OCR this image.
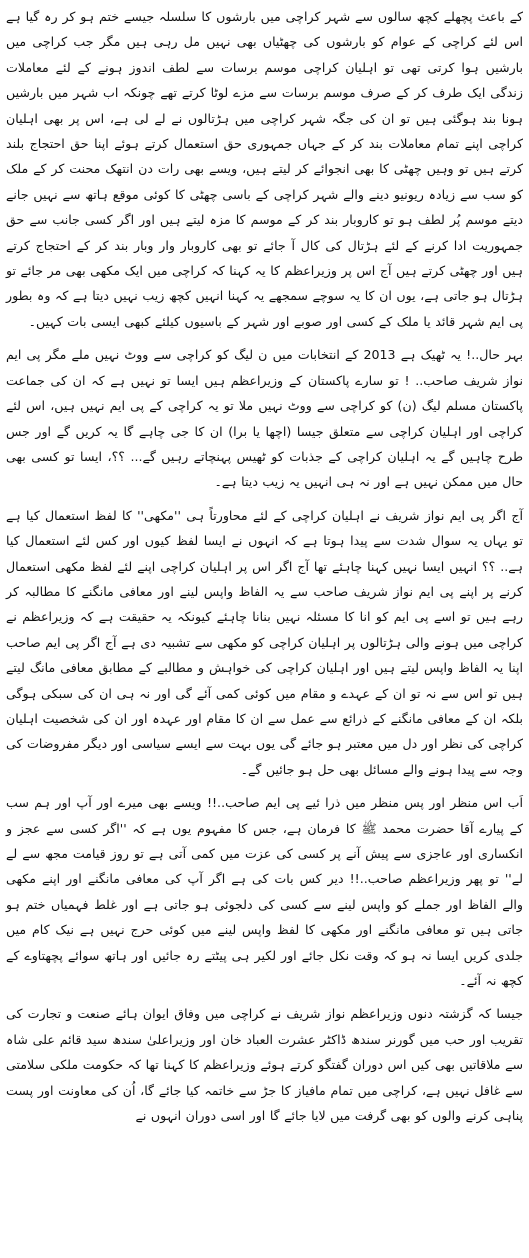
کے باعث پچھلے کچھ سالوں سے شہر کراچی میں بارشوں کا سلسلہ جیسے ختم ہو کر رہ گیا ہے اس لئے کراچی کے عوام کو بارشوں کی چھٹیاں بھی نہیں مل رہی ہیں مگر جب کراچی میں بارشیں ہوا کرتی تھی تو اہلیان کراچی موسم برسات سے لطف اندوز ہونے کے لئے معاملات زندگی ایک طرف کر کے صرف موسم برسات سے مزے لوٹا کرتے تھے چونکہ اب شہر میں بارشیں ہونا بند ہوگئی ہیں تو ان کی جگہ شہر کراچی میں ہڑتالوں نے لے لی ہے، اس پر بھی اہلیان کراچی اپنے تمام معاملات بند کر کے جہاں جمہوری حق استعمال کرتے ہوئے اپنا حق احتجاج بلند کرتے ہیں تو وہیں چھٹی کا بھی انجوائے کر لیتے ہیں، ویسے بھی رات دن انتھک محنت کر کے ملک کو سب سے زیادہ ریونیو دینے والے شہر کراچی کے باسی چھٹی کا کوئی موقع ہاتھ سے نہیں جانے دیتے موسم پُر لطف ہو تو کاروبار بند کر کے موسم کا مزہ لیتے ہیں اور اگر کسی جانب سے حق جمہوریت ادا کرنے کے لئے ہڑتال کی کال آ جائے تو بھی کاروبار وار وبار بند کر کے احتجاج کرتے ہیں اور چھٹی کرتے ہیں آج اس پر وزیراعظم کا یہ کہنا کہ کراچی میں ایک مکھی بھی مر جائے تو ہڑتال ہو جاتی ہے، یوں ان کا یہ سوچے سمجھے یہ کہنا انہیں کچھ زیب نہیں دیتا ہے کہ وہ بطور پی ایم شہر قائد یا ملک کے کسی اور صوبے اور شہر کے باسیوں کیلئے کبھی ایسی بات کہیں۔

بہر حال..! یہ ٹھیک ہے 2013 کے انتخابات میں ن لیگ کو کراچی سے ووٹ نہیں ملے مگر پی ایم نواز شریف صاحب.. ! تو سارے پاکستان کے وزیراعظم ہیں ایسا تو نہیں ہے کہ ان کی جماعت پاکستان مسلم لیگ (ن) کو کراچی سے ووٹ نہیں ملا تو یہ کراچی کے پی ایم نہیں ہیں، اس لئے کراچی اور اہلیان کراچی سے متعلق جیسا (اچھا یا برا) ان کا جی چاہے گا یہ کریں گے اور جس طرح چاہیں گے یہ اہلیان کراچی کے جذبات کو ٹھیس پہنچاتے رہیں گے... ؟؟، ایسا تو کسی بھی حال میں ممکن نہیں ہے اور نہ ہی انہیں یہ زیب دیتا ہے۔

آج اگر پی ایم نواز شریف نے اہلیان کراچی کے لئے محاورتاً ہی ''مکھی'' کا لفظ استعمال کیا ہے تو یہاں یہ سوال شدت سے پیدا ہوتا ہے کہ انہوں نے ایسا لفظ کیوں اور کس لئے استعمال کیا ہے.. ؟؟ انہیں ایسا نہیں کہنا چاہئے تھا آج اگر اس پر اہلیان کراچی اپنے لئے لفظ مکھی استعمال کرنے پر اپنے پی ایم نواز شریف صاحب سے یہ الفاظ واپس لینے اور معافی مانگنے کا مطالبہ کر رہے ہیں تو اسے پی ایم کو انا کا مسئلہ نہیں بنانا چاہئے کیونکہ یہ حقیقت ہے کہ وزیراعظم نے کراچی میں ہونے والی ہڑتالوں پر اہلیان کراچی کو مکھی سے تشبیہ دی ہے آج اگر پی ایم صاحب اپنا یہ الفاظ واپس لیتے ہیں اور اہلیان کراچی کی خواہش و مطالبے کے مطابق معافی مانگ لیتے ہیں تو اس سے نہ تو ان کے عہدے و مقام میں کوئی کمی آئے گی اور نہ ہی ان کی سبکی ہوگی بلکہ ان کے معافی مانگنے کے ذرائع سے عمل سے ان کا مقام اور عہدہ اور ان کی شخصیت اہلیان کراچی کی نظر اور دل میں معتبر ہو جائے گی یوں بہت سے ایسے سیاسی اور دیگر مفروضات کی وجہ سے پیدا ہونے والے مسائل بھی حل ہو جائیں گے۔

اَب اس منظر اور پس منظر میں ذرا ئیے پی ایم صاحب..!! ویسے بھی میرے اور آپ اور ہم سب کے پیارے آقا حضرت محمد ﷺ کا فرمان ہے، جس کا مفہوم یوں ہے کہ ''اگر کسی سے عجز و انکساری اور عاجزی سے پیش آنے پر کسی کی عزت میں کمی آتی ہے تو روز قیامت مجھ سے لے لے'' تو پھر وزیراعظم صاحب..!! دیر کس بات کی ہے اگر آپ کی معافی مانگنے اور اپنے مکھی والے الفاظ اور جملے کو واپس لینے سے کسی کی دلجوئی ہو جاتی ہے اور غلط فہمیاں ختم ہو جاتی ہیں تو معافی مانگنے اور مکھی کا لفظ واپس لینے میں کوئی حرج نہیں ہے نیک کام میں جلدی کریں ایسا نہ ہو کہ وقت نکل جائے اور لکیر ہی پیٹتے رہ جائیں اور ہاتھ سوائے پچھتاوے کے کچھ نہ آئے۔

جیسا کہ گزشتہ دنوں وزیراعظم نواز شریف نے کراچی میں وفاق ایوان ہائے صنعت و تجارت کی تقریب اور حب میں گورنر سندھ ڈاکٹر عشرت العباد خان اور وزیراعلیٰ سندھ سید قائم علی شاہ سے ملاقاتیں بھی کیں اس دوران گفتگو کرتے ہوئے وزیراعظم کا کہنا تھا کہ حکومت ملکی سلامتی سے غافل نہیں ہے، کراچی میں تمام مافیاز کا جڑ سے خاتمہ کیا جائے گا، اُن کی معاونت اور پست پناہی کرنے والوں کو بھی گرفت میں لایا جائے گا اور اسی دوران انہوں نے
